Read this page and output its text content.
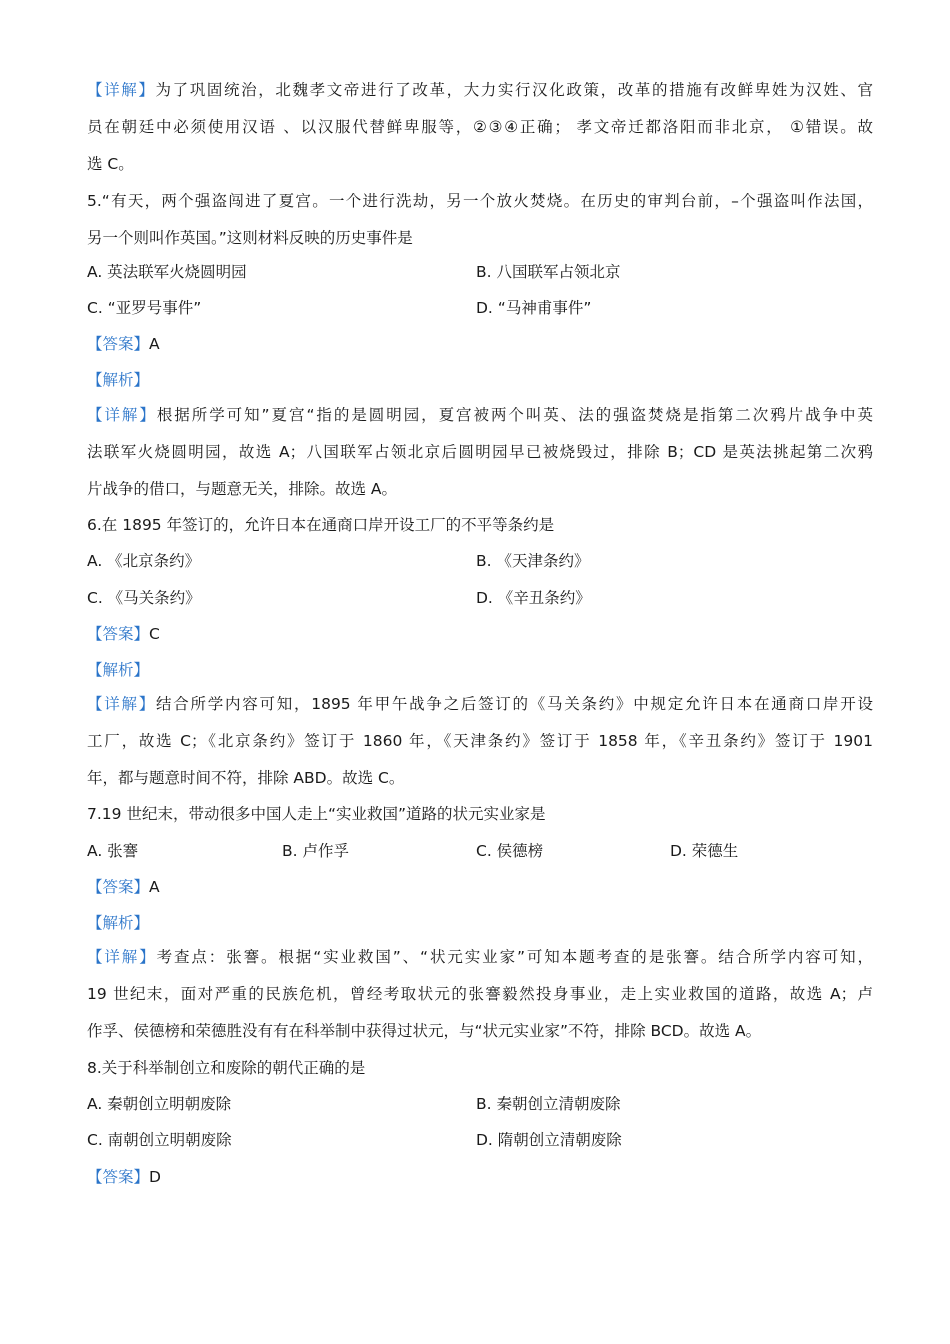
【详解】为了巩固统治，北魏孝文帝进行了改革，大力实行汉化政策，改革的措施有改鲜卑姓为汉姓、官
员在朝廷中必须使用汉语 、以汉服代替鲜卑服等，②③④正确； 孝文帝迁都洛阳而非北京， ①错误。故
选 C。
5.“有天，两个强盗闯进了夏宫。一个进行洗劫，另一个放火焚烧。在历史的审判台前，–个强盗叫作法国，
另一个则叫作英国。”这则材料反映的历史事件是
A. 英法联军火烧圆明园	B. 八国联军占领北京
C. “亚罗号事件”	D. “马神甫事件”
【答案】A
【解析】
【详解】根据所学可知”夏宫“指的是圆明园，夏宫被两个叫英、法的强盗焚烧是指第二次鸦片战争中英
法联军火烧圆明园，故选 A；八国联军占领北京后圆明园早已被烧毁过，排除 B；CD 是英法挑起第二次鸦
片战争的借口，与题意无关，排除。故选 A。
6.在 1895 年签订的，允许日本在通商口岸开设工厂的不平等条约是
A. 《北京条约》	B. 《天津条约》
C. 《马关条约》	D. 《辛丑条约》
【答案】C
【解析】
【详解】结合所学内容可知，1895 年甲午战争之后签订的《马关条约》中规定允许日本在通商口岸开设
工厂，故选 C；《北京条约》签订于 1860 年，《天津条约》签订于 1858 年，《辛丑条约》签订于 1901
年，都与题意时间不符，排除 ABD。故选 C。
7.19 世纪末，带动很多中国人走上“实业救国”道路的状元实业家是
A. 张謇	B. 卢作孚	C. 侯德榜	D. 荣德生
【答案】A
【解析】
【详解】考查点：张謇。根据“实业救国”、“状元实业家”可知本题考查的是张謇。结合所学内容可知，
19 世纪末，面对严重的民族危机，曾经考取状元的张謇毅然投身事业，走上实业救国的道路，故选 A；卢
作孚、侯德榜和荣德胜没有有在科举制中获得过状元，与“状元实业家”不符，排除 BCD。故选 A。
8.关于科举制创立和废除的朝代正确的是
A. 秦朝创立明朝废除	B. 秦朝创立清朝废除
C. 南朝创立明朝废除	D. 隋朝创立清朝废除
【答案】D
